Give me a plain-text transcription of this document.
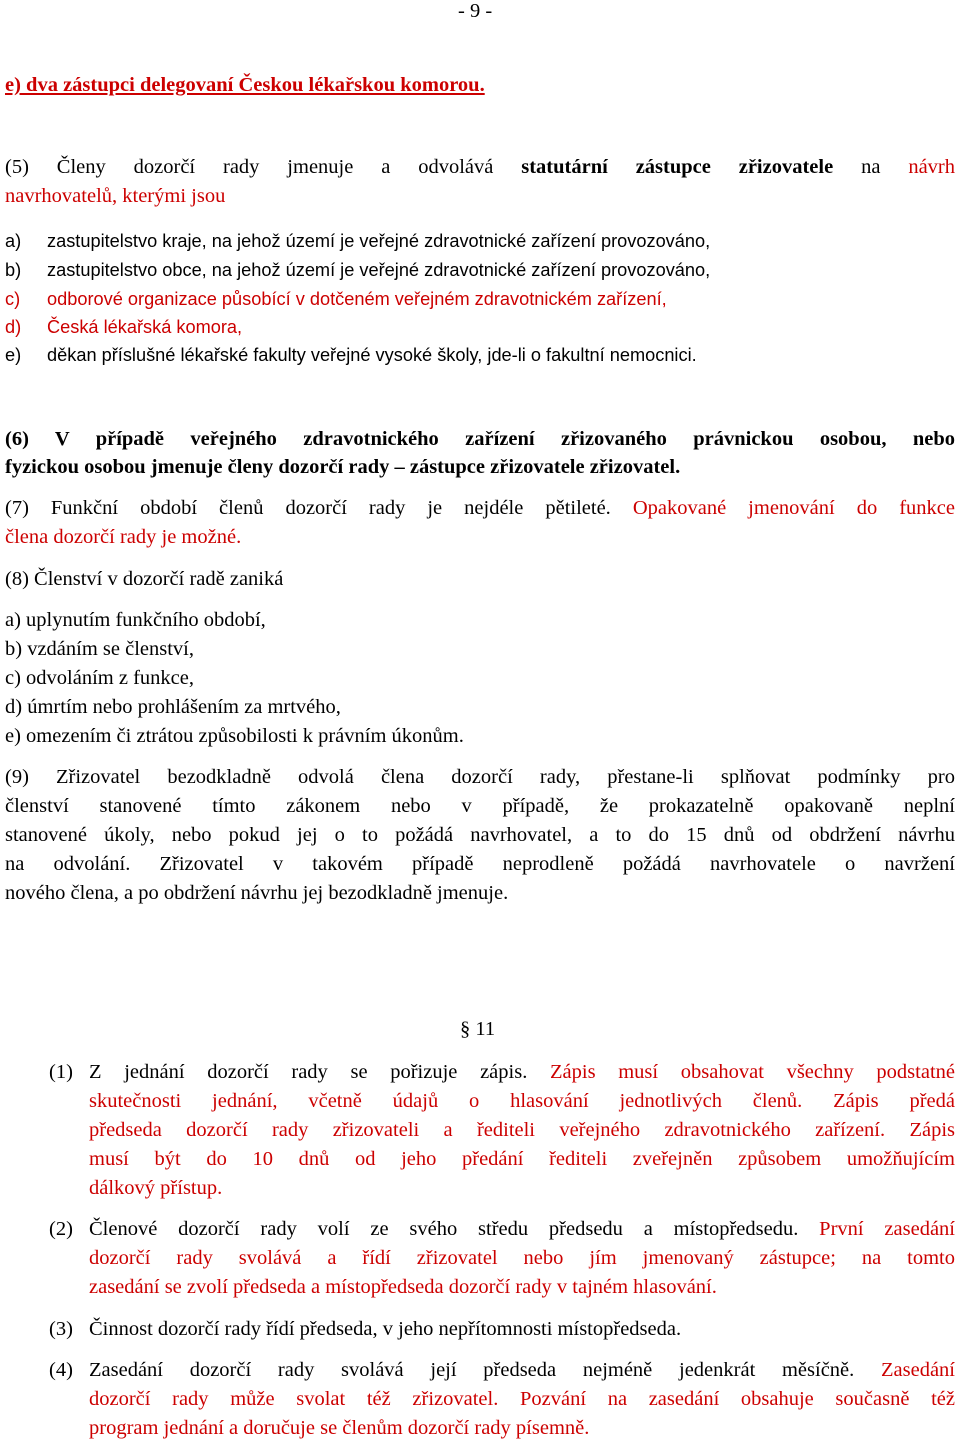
- 9 -
e) dva zástupci delegovaní Českou lékařskou komorou.
(5) Členy dozorčí rady jmenuje a odvolává statutární zástupce zřizovatele na návrh
navrhovatelů, kterými jsou
a) zastupitelstvo kraje, na jehož území je veřejné zdravotnické zařízení provozováno,
b) zastupitelstvo obce, na jehož území je veřejné zdravotnické zařízení provozováno,
c) odborové organizace působící v dotčeném veřejném zdravotnickém zařízení,
d) Česká lékařská komora,
e) děkan příslušné lékařské fakulty veřejné vysoké školy, jde-li o fakultní nemocnici.
(6) V případě veřejného zdravotnického zařízení zřizovaného právnickou osobou, nebo
fyzickou osobou jmenuje členy dozorčí rady – zástupce zřizovatele zřizovatel.
(7) Funkční období členů dozorčí rady je nejdéle pětileté. Opakované jmenování do funkce
člena dozorčí rady je možné.
(8) Členství v dozorčí radě zaniká
a) uplynutím funkčního období,
b) vzdáním se členství,
c) odvoláním z funkce,
d) úmrtím nebo prohlášením za mrtvého,
e) omezením či ztrátou způsobilosti k právním úkonům.
(9) Zřizovatel bezodkladně odvolá člena dozorčí rady, přestane-li splňovat podmínky pro
členství stanovené tímto zákonem nebo v případě, že prokazatelně opakovaně neplní
stanovené úkoly, nebo pokud jej o to požádá navrhovatel, a to do 15 dnů od obdržení návrhu
na odvolání. Zřizovatel v takovém případě neprodleně požádá navrhovatele o navržení
nového člena, a po obdržení návrhu jej bezodkladně jmenuje.
§ 11
(1) Z jednání dozorčí rady se pořizuje zápis. Zápis musí obsahovat všechny podstatné
skutečnosti jednání, včetně údajů o hlasování jednotlivých členů. Zápis předá
předseda dozorčí rady zřizovateli a řediteli veřejného zdravotnického zařízení. Zápis
musí být do 10 dnů od jeho předání řediteli zveřejněn způsobem umožňujícím
dálkový přístup.
(2) Členové dozorčí rady volí ze svého středu předsedu a místopředsedu. První zasedání
dozorčí rady svolává a řídí zřizovatel nebo jím jmenovaný zástupce; na tomto
zasedání se zvolí předseda a místopředseda dozorčí rady v tajném hlasování.
(3) Činnost dozorčí rady řídí předseda, v jeho nepřítomnosti místopředseda.
(4) Zasedání dozorčí rady svolává její předseda nejméně jedenkrát měsíčně. Zasedání
dozorčí rady může svolat též zřizovatel. Pozvání na zasedání obsahuje současně též
program jednání a doručuje se členům dozorčí rady písemně.
